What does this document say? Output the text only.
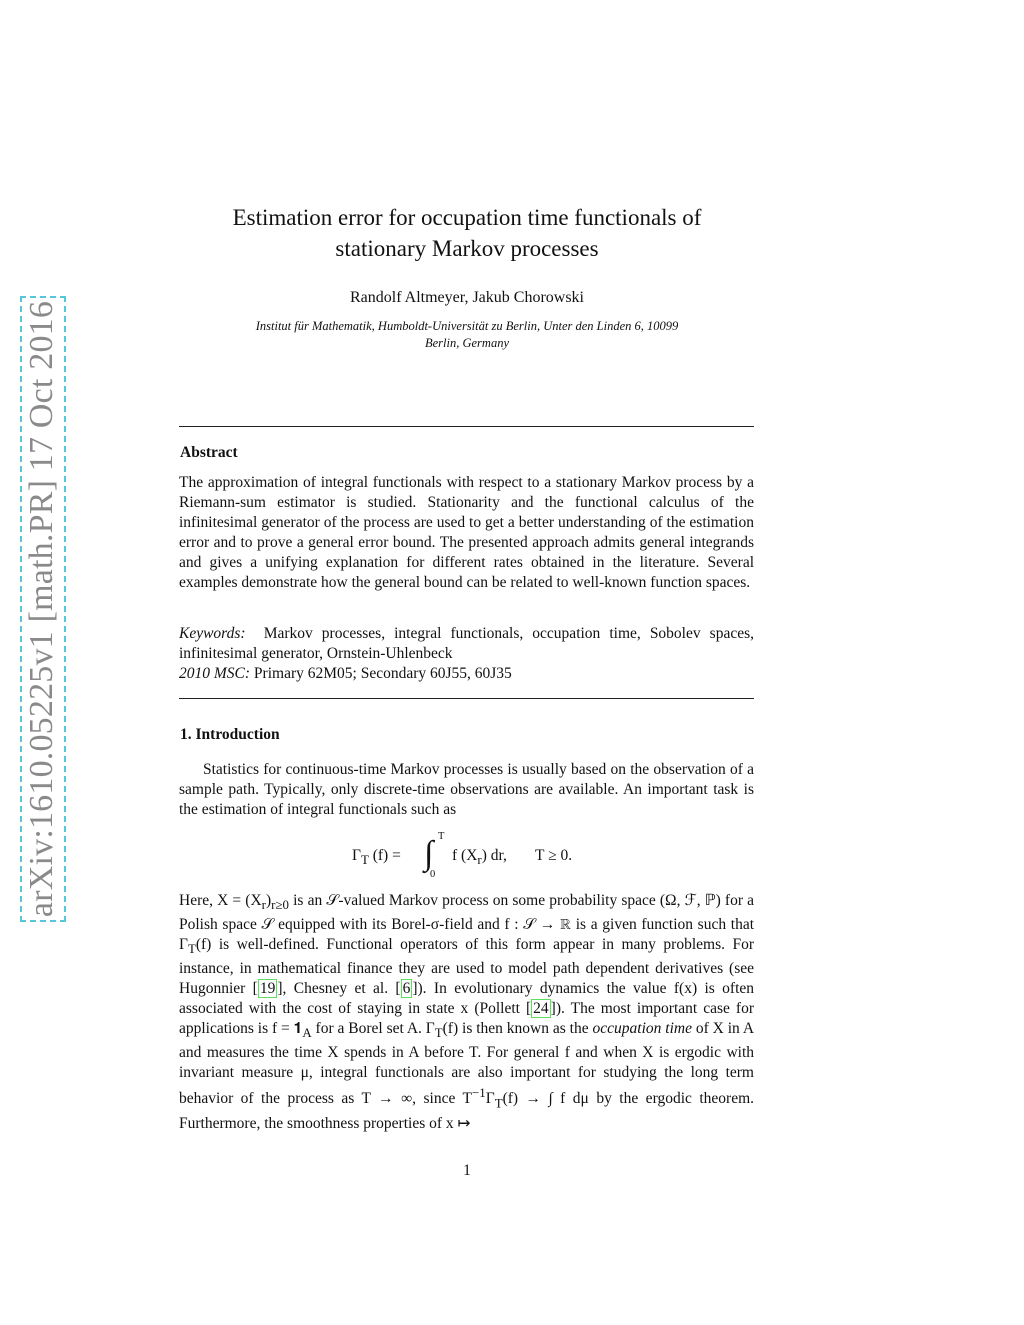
arXiv:1610.05225v1 [math.PR] 17 Oct 2016
Estimation error for occupation time functionals of
stationary Markov processes
Randolf Altmeyer, Jakub Chorowski
Institut für Mathematik, Humboldt-Universität zu Berlin, Unter den Linden 6, 10099
Berlin, Germany
Abstract

The approximation of integral functionals with respect to a stationary Markov process by a Riemann-sum estimator is studied. Stationarity and the functional calculus of the infinitesimal generator of the process are used to get a better understanding of the estimation error and to prove a general error bound. The presented approach admits general integrands and gives a unifying explanation for different rates obtained in the literature. Several examples demonstrate how the general bound can be related to well-known function spaces.

Keywords: Markov processes, integral functionals, occupation time, Sobolev spaces, infinitesimal generator, Ornstein-Uhlenbeck

2010 MSC: Primary 62M05; Secondary 60J55, 60J35

1. Introduction

Statistics for continuous-time Markov processes is usually based on the observation of a sample path. Typically, only discrete-time observations are available. An important task is the estimation of integral functionals such as

$\Gamma_T$ (f) = ∫ T
0
f $(X_r)$ dr, T ≥ 0.

Here, $X = (X_r)_{r\ge 0}$ is an 𝒮-valued Markov process on some probability space (Ω, ℱ, ℙ) for a Polish space 𝒮 equipped with its Borel-σ-field and f : 𝒮 → ℝ is a given function such that $\Gamma_T(f)$ is well-defined. Functional operators of this form appear in many problems. For instance, in mathematical finance they are used to model path dependent derivatives (see Hugonnier [ 19 ], Chesney et al. [ 6 ]). In evolutionary dynamics the value f(x) is often associated with the cost of staying in state x (Pollett [ 24 ]). The most important case for applications is $f = 𝟏_A$ for a Borel set A. $\Gamma_T(f)$ is then known as the occupation time of X in A and measures the time X spends in A before T. For general f and when X is ergodic with invariant measure μ, integral functionals are also important for studying the long term behavior of the process as T → ∞, since $T^{-1}\Gamma_T(f)$ → ∫ f dμ by the ergodic theorem. Furthermore, the smoothness properties of x ↦

1
